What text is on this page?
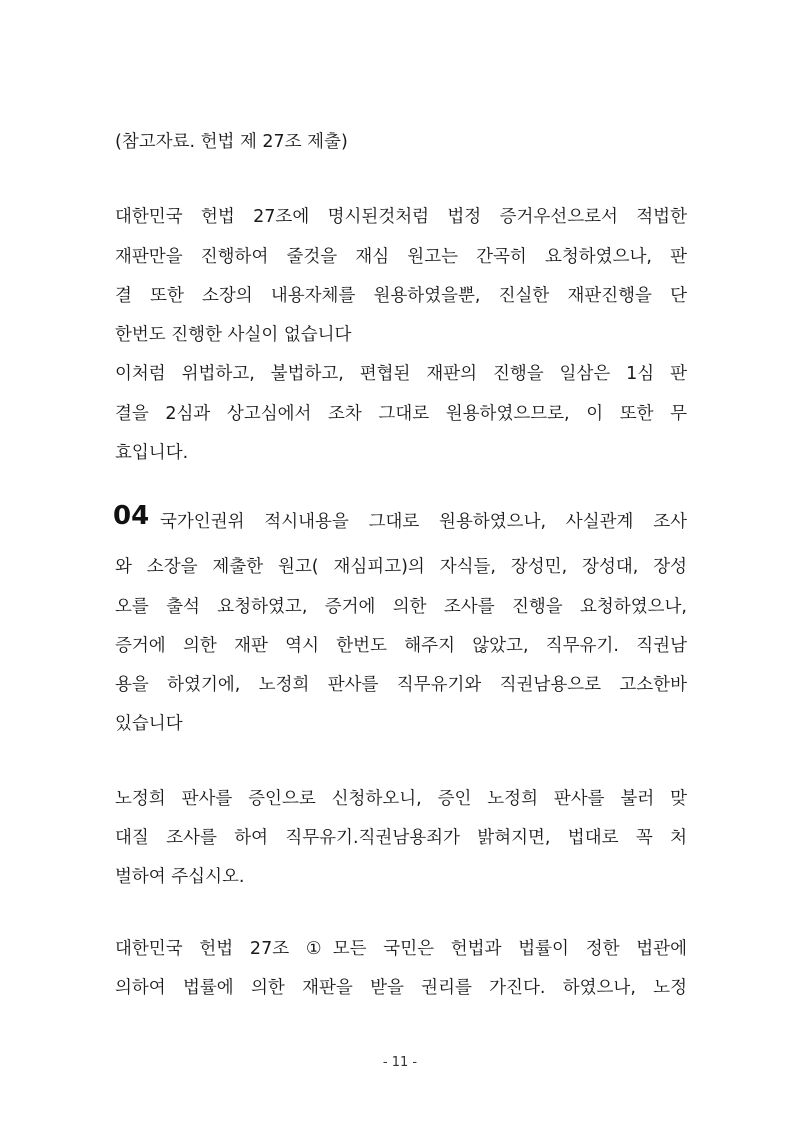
(참고자료. 헌법 제 27조 제출)
대한민국 헌법 27조에 명시된것처럼 법정 증거우선으로서 적법한
재판만을 진행하여 줄것을 재심 원고는 간곡히 요청하였으나, 판
결 또한 소장의 내용자체를 원용하였을뿐, 진실한 재판진행을 단
한번도 진행한 사실이 없습니다
이처럼 위법하고, 불법하고, 편협된 재판의 진행을 일삼은 1심 판
결을 2심과 상고심에서 조차 그대로 원용하였으므로, 이 또한 무
효입니다.
04 국가인권위 적시내용을 그대로 원용하였으나, 사실관계 조사
와 소장을 제출한 원고( 재심피고)의 자식들, 장성민, 장성대, 장성
오를 출석 요청하였고, 증거에 의한 조사를 진행을 요청하였으나,
증거에 의한 재판 역시 한번도 해주지 않았고, 직무유기. 직권남
용을 하였기에, 노정희 판사를 직무유기와 직권남용으로 고소한바
있습니다
노정희 판사를 증인으로 신청하오니, 증인 노정희 판사를 불러 맞
대질 조사를 하여 직무유기.직권남용죄가 밝혀지면, 법대로 꼭 처
벌하여 주십시오.
대한민국 헌법 27조 ①모든 국민은 헌법과 법률이 정한 법관에
의하여 법률에 의한 재판을 받을 권리를 가진다. 하였으나, 노정
- 11 -
